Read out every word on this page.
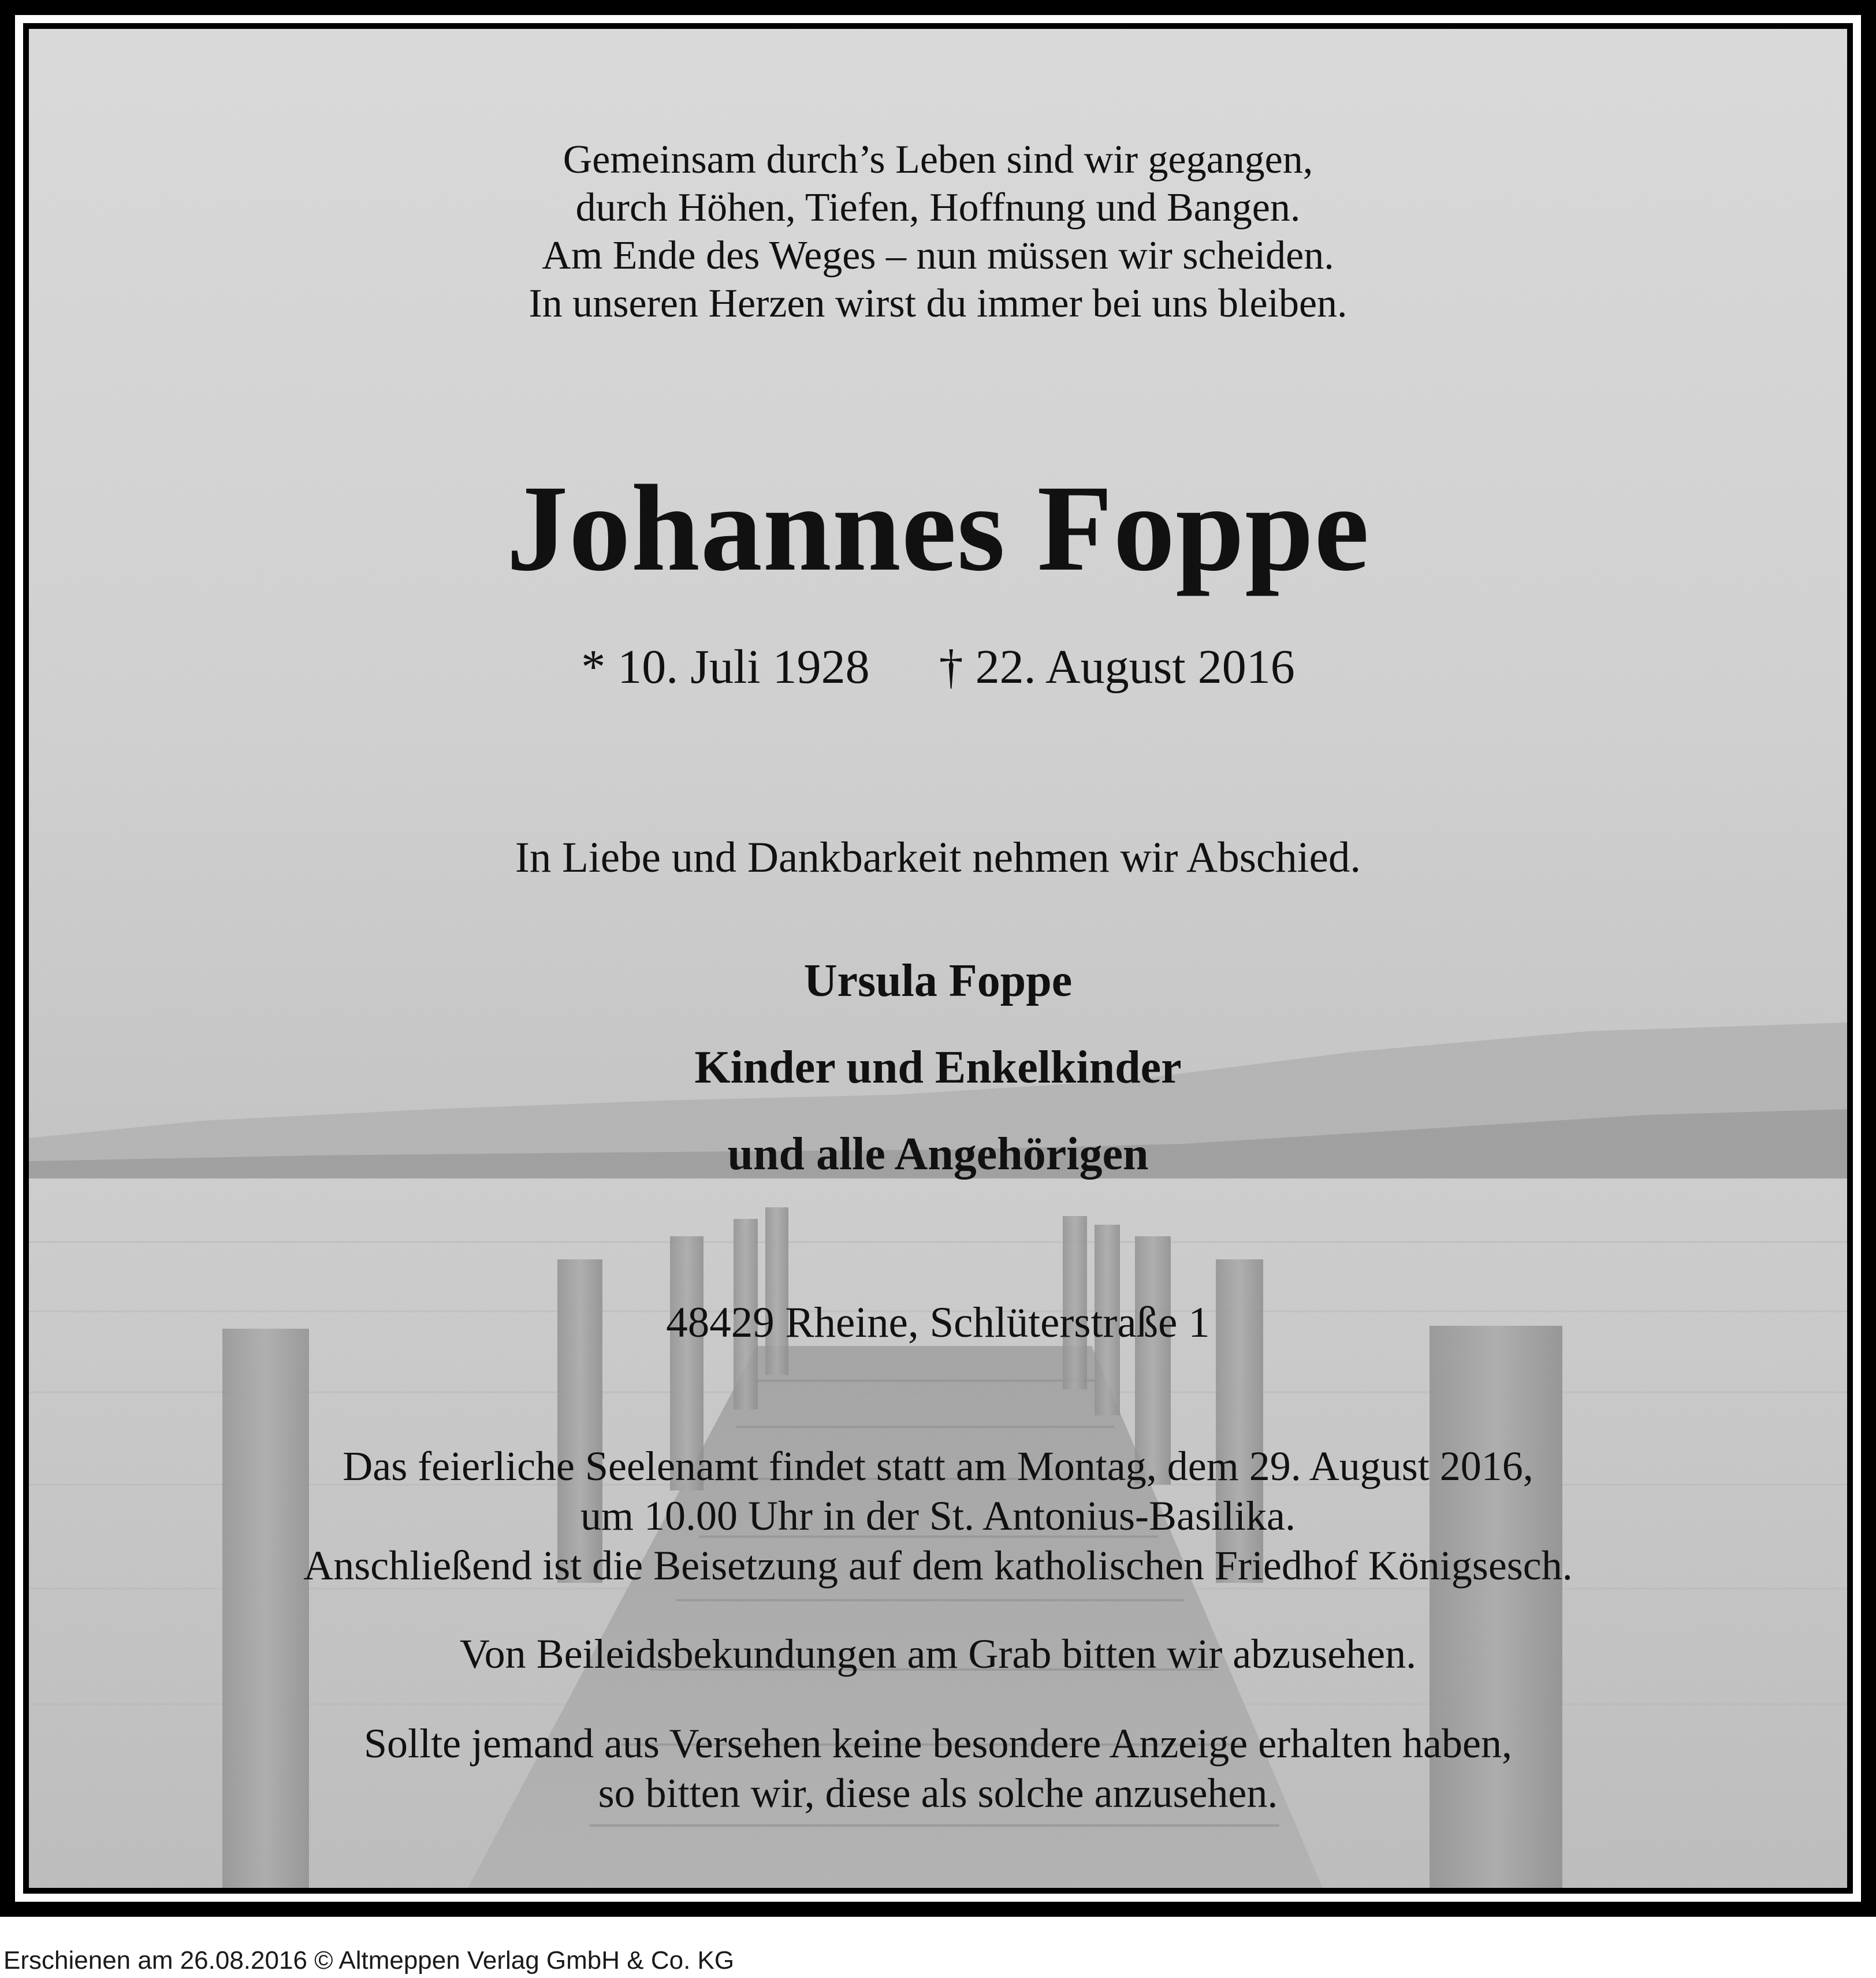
Gemeinsam durch’s Leben sind wir gegangen,
durch Höhen, Tiefen, Hoffnung und Bangen.
Am Ende des Weges – nun müssen wir scheiden.
In unseren Herzen wirst du immer bei uns bleiben.
Johannes Foppe
* 10. Juli 1928 † 22. August 2016
In Liebe und Dankbarkeit nehmen wir Abschied.
Ursula Foppe
Kinder und Enkelkinder
und alle Angehörigen
48429 Rheine, Schlüterstraße 1
Das feierliche Seelenamt findet statt am Montag, dem 29. August 2016,
um 10.00 Uhr in der St. Antonius-Basilika.
Anschließend ist die Beisetzung auf dem katholischen Friedhof Königsesch.
Von Beileidsbekundungen am Grab bitten wir abzusehen.
Sollte jemand aus Versehen keine besondere Anzeige erhalten haben,
so bitten wir, diese als solche anzusehen.
Erschienen am 26.08.2016 © Altmeppen Verlag GmbH & Co. KG
